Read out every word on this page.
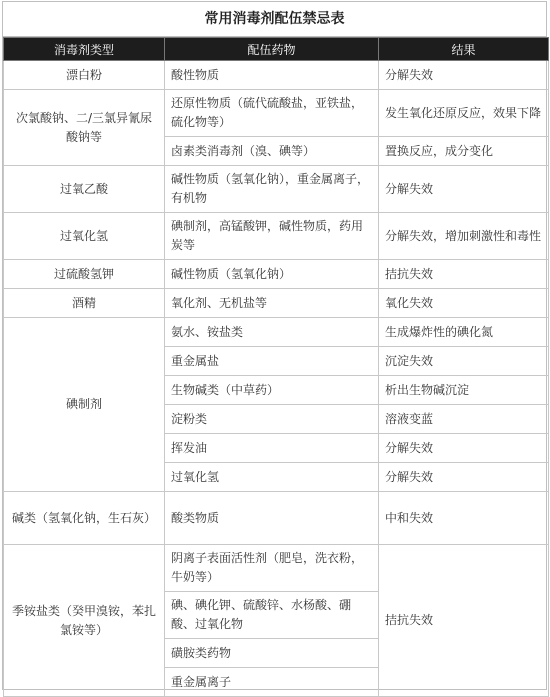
常用消毒剂配伍禁忌表
消毒剂类型	配伍药物	结果
漂白粉	酸性物质	分解失效
次氯酸钠、二/三氯异氰尿酸钠等	还原性物质（硫代硫酸盐，亚铁盐，硫化物等）	发生氧化还原反应，效果下降
	卤素类消毒剂（溴、碘等）	置换反应，成分变化
过氧乙酸	碱性物质（氢氧化钠），重金属离子，有机物	分解失效
过氧化氢	碘制剂，高锰酸钾，碱性物质，药用炭等	分解失效，增加刺激性和毒性
过硫酸氢钾	碱性物质（氢氧化钠）	拮抗失效
酒精	氧化剂、无机盐等	氧化失效
碘制剂	氨水、铵盐类	生成爆炸性的碘化氮
	重金属盐	沉淀失效
	生物碱类（中草药）	析出生物碱沉淀
	淀粉类	溶液变蓝
	挥发油	分解失效
	过氧化氢	分解失效
碱类（氢氧化钠，生石灰）	酸类物质	中和失效
季铵盐类（癸甲溴铵，苯扎氯铵等）	阴离子表面活性剂（肥皂，洗衣粉，牛奶等）	拮抗失效
	碘、碘化钾、硫酸锌、水杨酸、硼酸、过氧化物	
	磺胺类药物	
	重金属离子	
